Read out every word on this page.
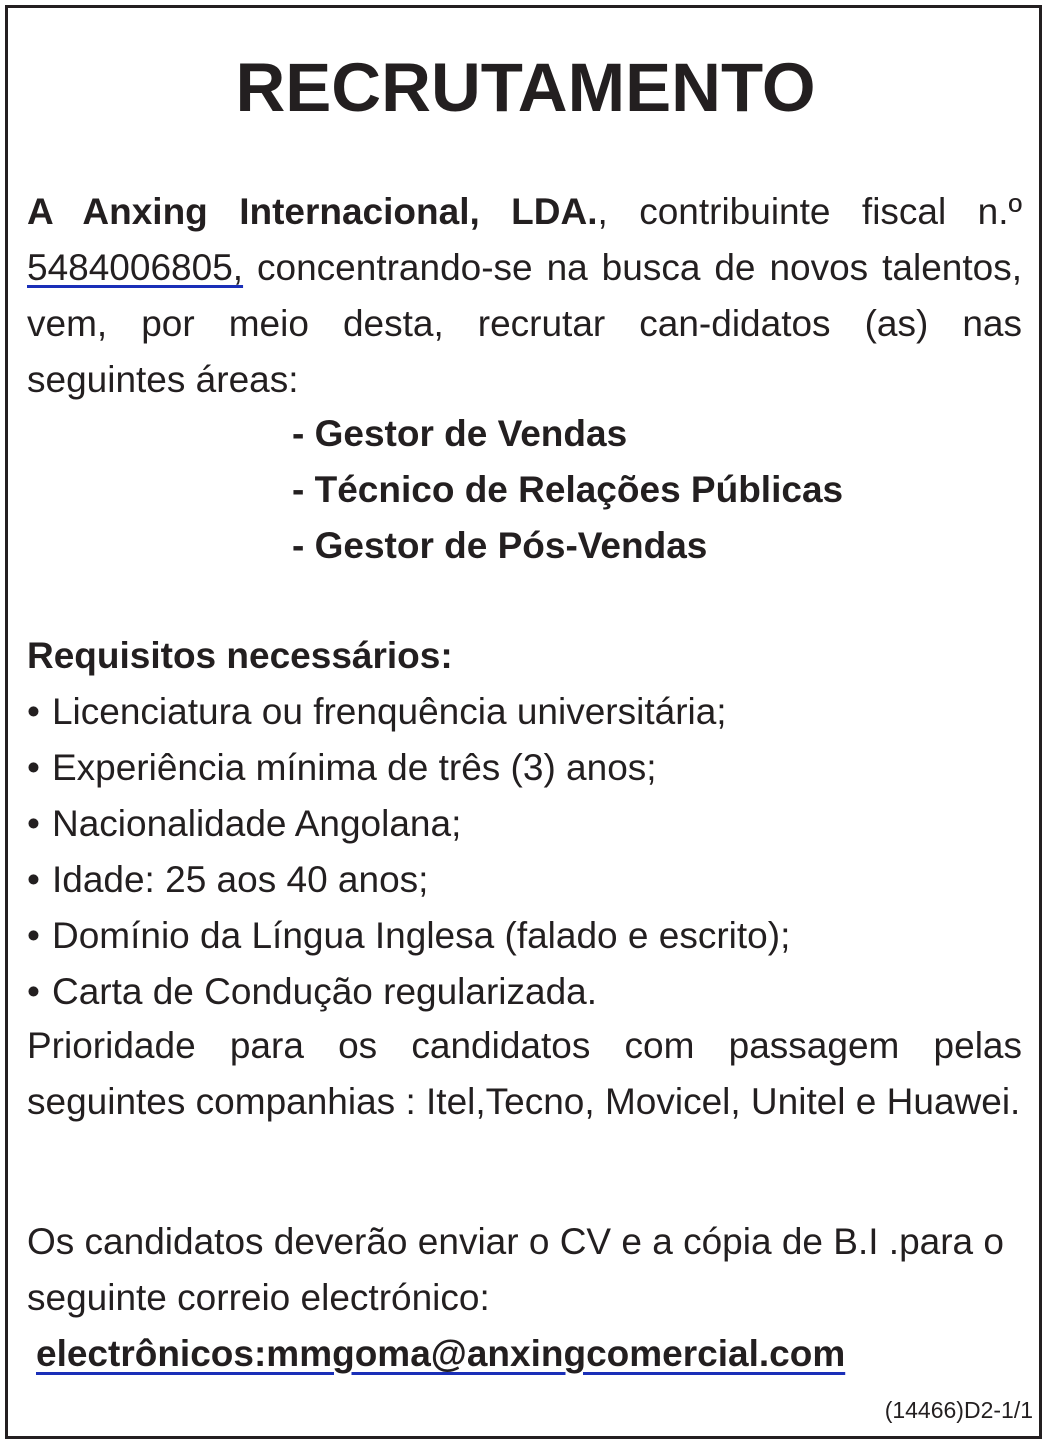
RECRUTAMENTO

A Anxing Internacional, LDA., contribuinte fiscal n.º 5484006805, concentrando-se na busca de novos talentos, vem, por meio desta, recrutar can-didatos (as) nas seguintes áreas:

- Gestor de Vendas
- Técnico de Relações Públicas
- Gestor de Pós-Vendas

Requisitos necessários:

• Licenciatura ou frenquência universitária;
• Experiência mínima de três (3) anos;
• Nacionalidade Angolana;
• Idade: 25 aos 40 anos;
• Domínio da Língua Inglesa (falado e escrito);
• Carta de Condução regularizada.

Prioridade para os candidatos com passagem pelas seguintes companhias : Itel,Tecno, Movicel, Unitel e Huawei.

Os candidatos deverão enviar o CV e a cópia de B.I .para o seguinte correio electrónico:

electrônicos:mmgoma@anxingcomercial.com

(14466)D2-1/1
